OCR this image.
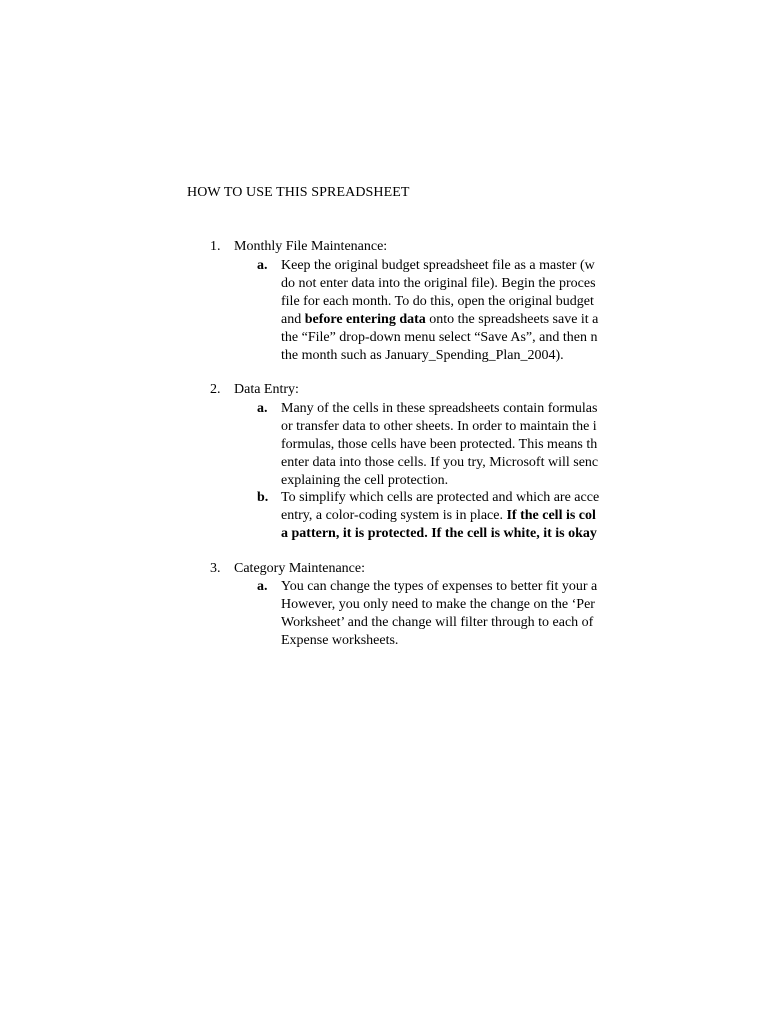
HOW TO USE THIS SPREADSHEET
1. Monthly File Maintenance:
a. Keep the original budget spreadsheet file as a master (w
do not enter data into the original file). Begin the proces
file for each month. To do this, open the original budget
and before entering data onto the spreadsheets save it a
the “File” drop-down menu select “Save As”, and then n
the month such as January_Spending_Plan_2004).
2. Data Entry:
a. Many of the cells in these spreadsheets contain formulas
or transfer data to other sheets. In order to maintain the i
formulas, those cells have been protected. This means th
enter data into those cells. If you try, Microsoft will senc
explaining the cell protection.
b. To simplify which cells are protected and which are acce
entry, a color-coding system is in place. If the cell is col
a pattern, it is protected. If the cell is white, it is okay
3. Category Maintenance:
a. You can change the types of expenses to better fit your a
However, you only need to make the change on the ‘Per
Worksheet’ and the change will filter through to each of
Expense worksheets.
